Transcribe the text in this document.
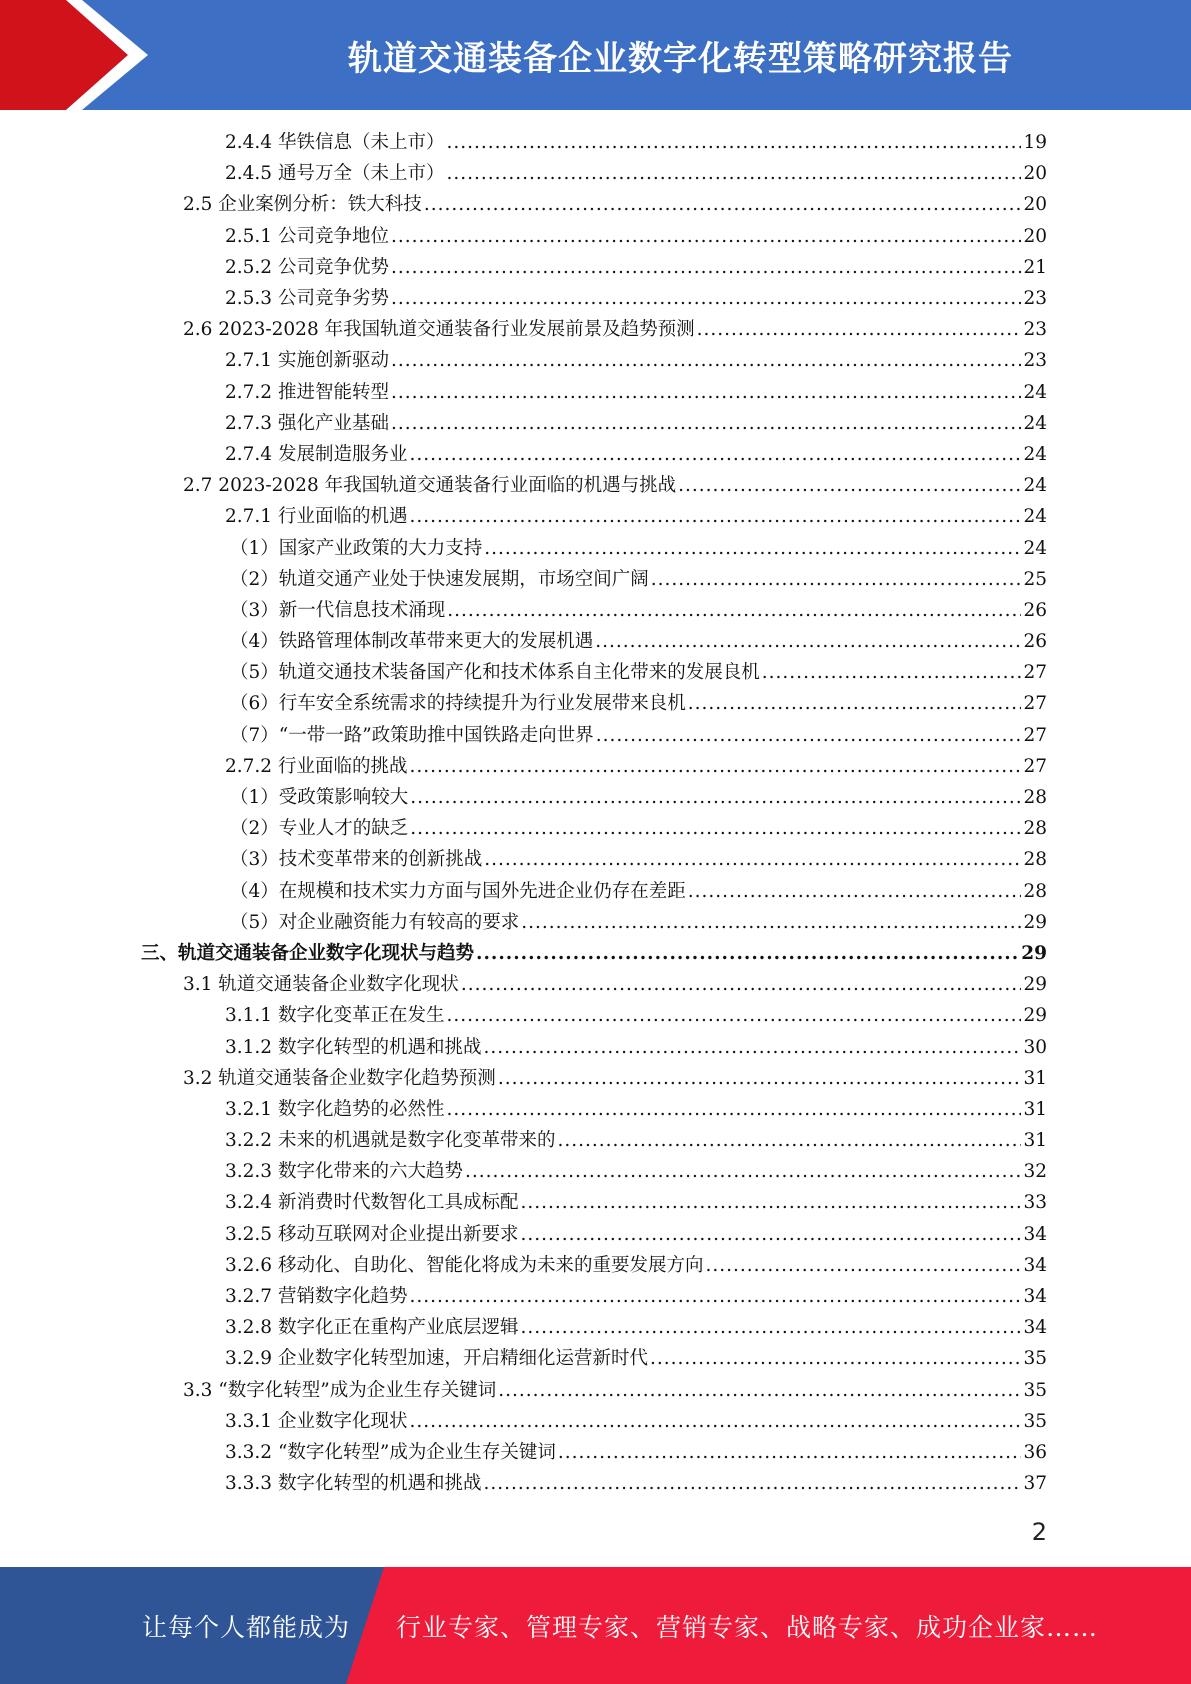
轨道交通装备企业数字化转型策略研究报告
2.4.4 华铁信息（未上市） .....	19
2.4.5 通号万全（未上市） .....	20
2.5 企业案例分析：铁大科技 .....	20
2.5.1 公司竞争地位 .....	20
2.5.2 公司竞争优势 .....	21
2.5.3 公司竞争劣势 .....	23
2.6 2023-2028 年我国轨道交通装备行业发展前景及趋势预测 .....	23
2.7.1 实施创新驱动 .....	23
2.7.2 推进智能转型 .....	24
2.7.3 强化产业基础 .....	24
2.7.4 发展制造服务业 .....	24
2.7 2023-2028 年我国轨道交通装备行业面临的机遇与挑战 .....	24
2.7.1 行业面临的机遇 .....	24
（1）国家产业政策的大力支持 .....	24
（2）轨道交通产业处于快速发展期，市场空间广阔 .....	25
（3）新一代信息技术涌现 .....	26
（4）铁路管理体制改革带来更大的发展机遇 .....	26
（5）轨道交通技术装备国产化和技术体系自主化带来的发展良机 .....	27
（6）行车安全系统需求的持续提升为行业发展带来良机 .....	27
（7）“一带一路”政策助推中国铁路走向世界 .....	27
2.7.2 行业面临的挑战 .....	27
（1）受政策影响较大 .....	28
（2）专业人才的缺乏 .....	28
（3）技术变革带来的创新挑战 .....	28
（4）在规模和技术实力方面与国外先进企业仍存在差距 .....	28
（5）对企业融资能力有较高的要求 .....	29
三、轨道交通装备企业数字化现状与趋势 .....	29
3.1 轨道交通装备企业数字化现状 .....	29
3.1.1 数字化变革正在发生 .....	29
3.1.2 数字化转型的机遇和挑战 .....	30
3.2 轨道交通装备企业数字化趋势预测 .....	31
3.2.1 数字化趋势的必然性 .....	31
3.2.2 未来的机遇就是数字化变革带来的 .....	31
3.2.3 数字化带来的六大趋势 .....	32
3.2.4 新消费时代数智化工具成标配 .....	33
3.2.5 移动互联网对企业提出新要求 .....	34
3.2.6 移动化、自助化、智能化将成为未来的重要发展方向 .....	34
3.2.7 营销数字化趋势 .....	34
3.2.8 数字化正在重构产业底层逻辑 .....	34
3.2.9 企业数字化转型加速，开启精细化运营新时代 .....	35
3.3 “数字化转型”成为企业生存关键词 .....	35
3.3.1 企业数字化现状 .....	35
3.3.2 “数字化转型”成为企业生存关键词 .....	36
3.3.3 数字化转型的机遇和挑战 .....	37
2
让每个人都能成为 行业专家、管理专家、营销专家、战略专家、成功企业家……
